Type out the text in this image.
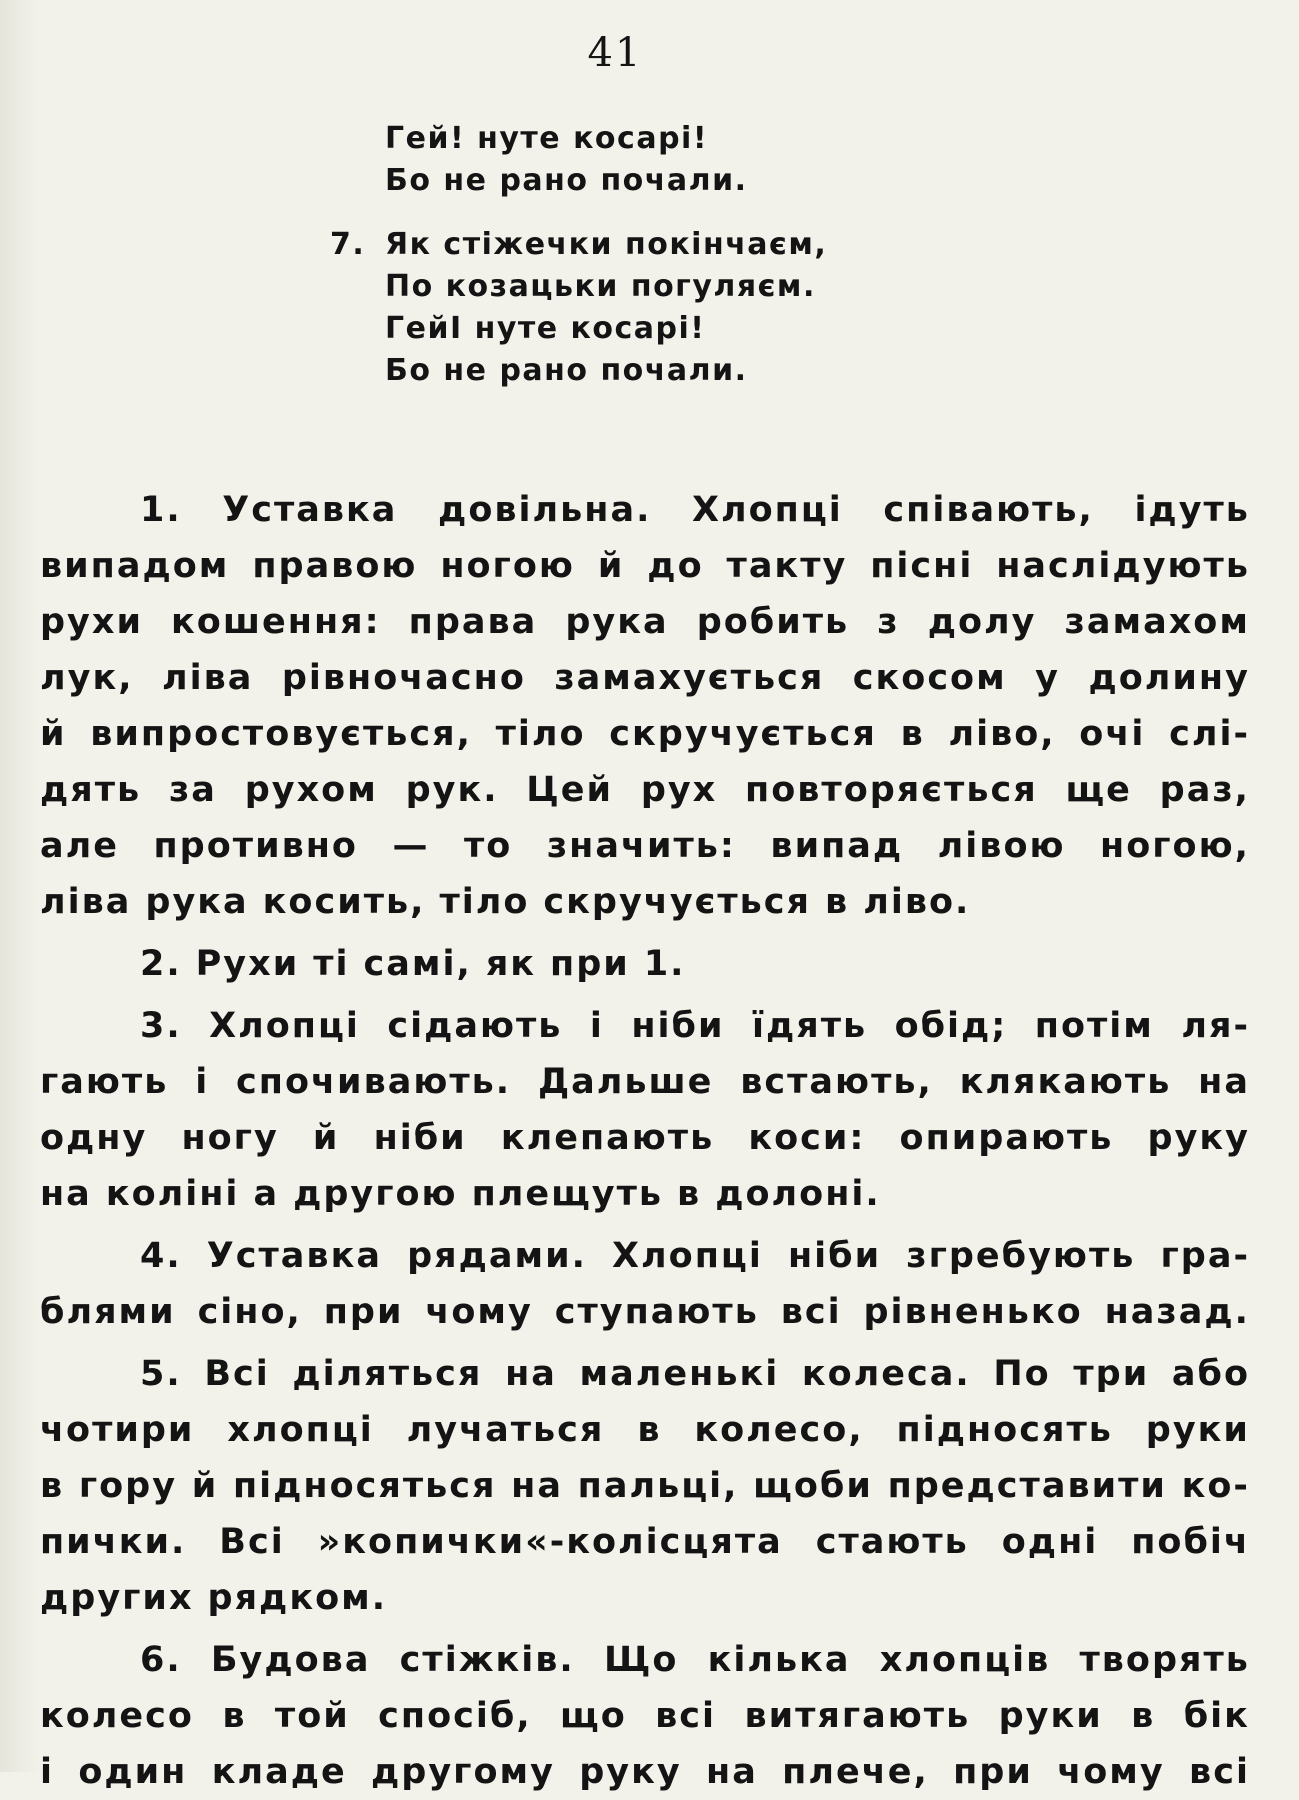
41
Гей! нуте косарі!
Бо не рано почали.
7. Як стіжечки покінчаєм,
По козацьки погуляєм.
ГейІ нуте косарі!
Бо не рано почали.
1. Уставка довільна. Хлопці співають, ідуть
випадом правою ногою й до такту пісні наслідують
рухи кошення: права рука робить з долу замахом
лук, ліва рівночасно замахується скосом у долину
й випростовується, тіло скручується в ліво, очі слі-
дять за рухом рук. Цей рух повторяється ще раз,
але противно — то значить: випад лівою ногою,
ліва рука косить, тіло скручується в ліво.
2. Рухи ті самі, як при 1.
3. Хлопці сідають і ніби їдять обід; потім ля-
гають і спочивають. Дальше встають, клякають на
одну ногу й ніби клепають коси: опирають руку
на коліні а другою плещуть в долоні.
4. Уставка рядами. Хлопці ніби згребують гра-
блями сіно, при чому ступають всі рівненько назад.
5. Всі діляться на маленькі колеса. По три або
чотири хлопці лучаться в колесо, підносять руки
в гору й підносяться на пальці, щоби представити ко-
пички. Всі »копички«-колісцята стають одні побіч
других рядком.
6. Будова стіжків. Що кілька хлопців творять
колесо в той спосіб, що всі витягають руки в бік
і один кладе другому руку на плече, при чому всі
